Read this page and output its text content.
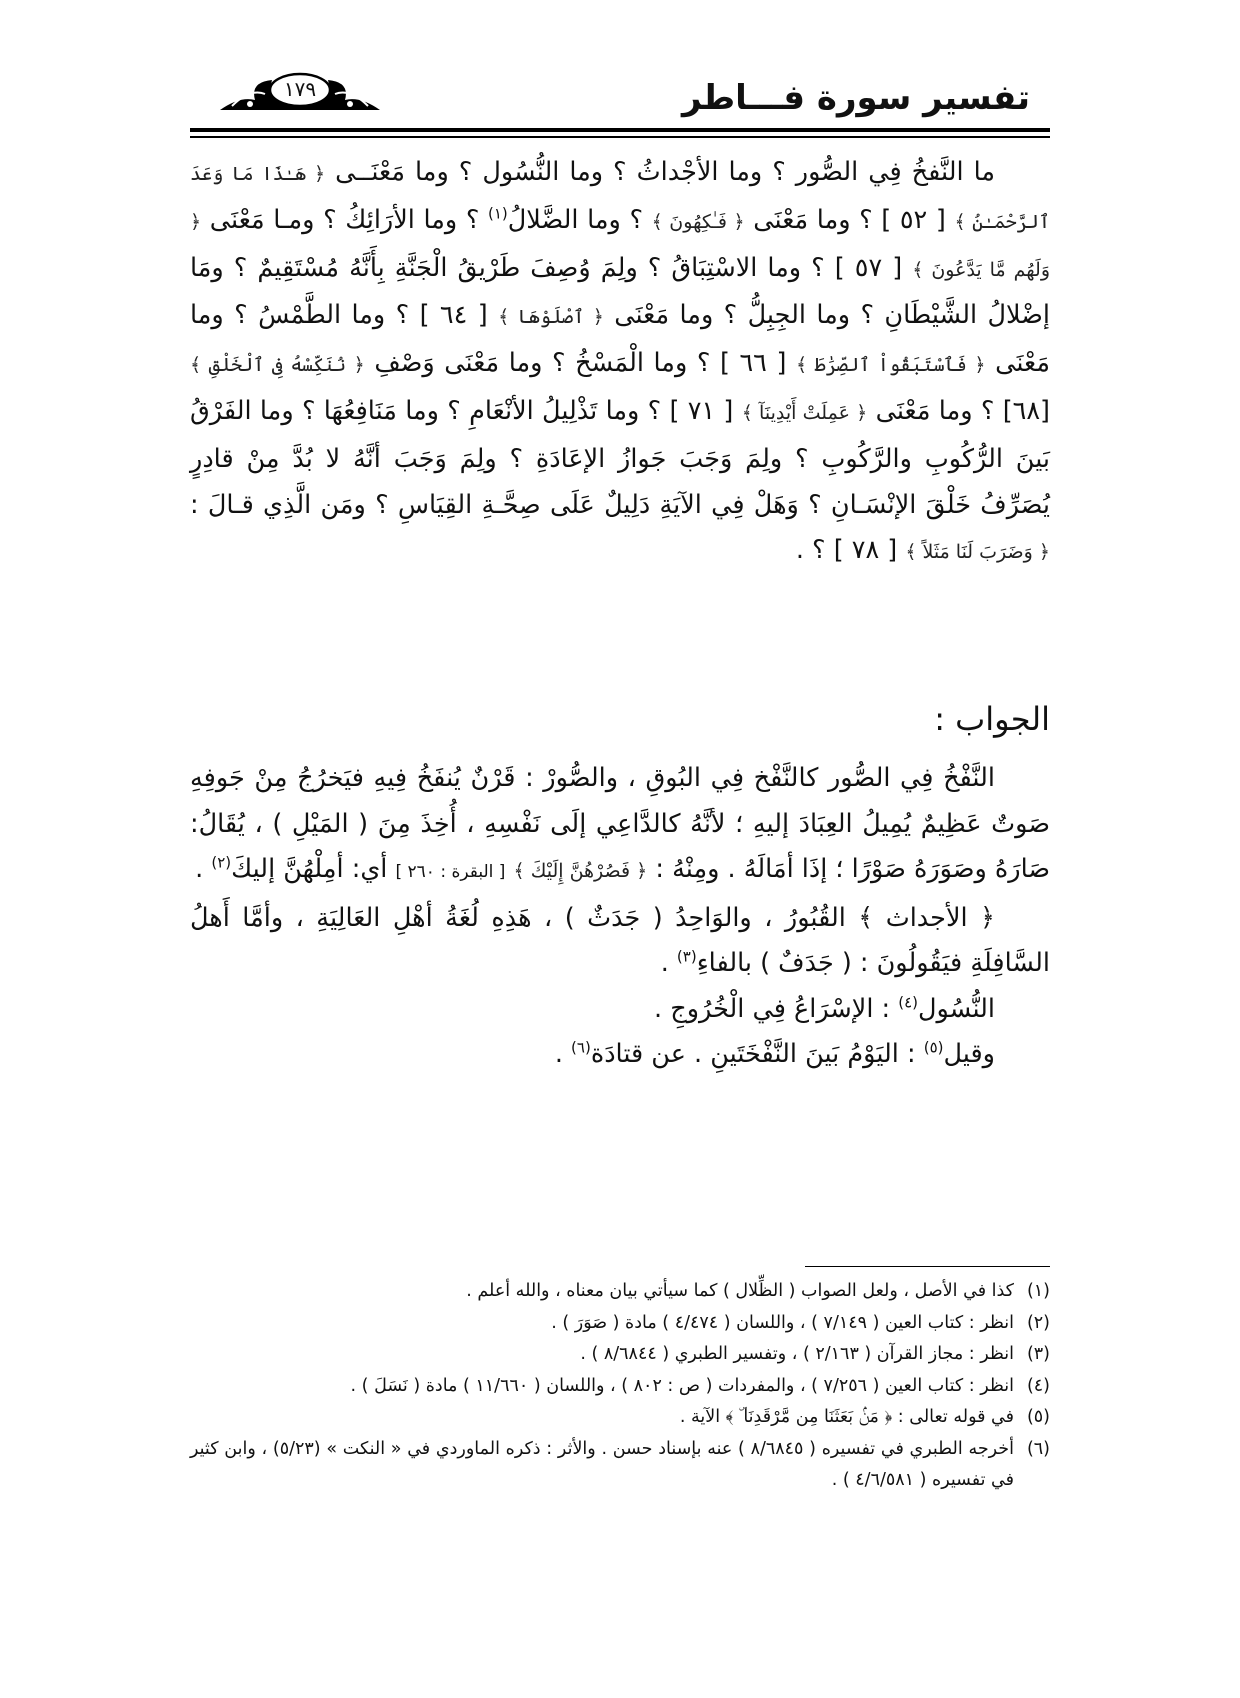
تفسير سورة فـــاطر
١٧٩

ما النَّفخُ فِي الصُّور ؟ وما الأجْداثُ ؟ وما النُّسُول ؟ وما مَعْنَــى ﴿ هَـٰذَا مَا وَعَدَ ٱلرَّحْمَـٰنُ ﴾ [ ٥٢ ] ؟ وما مَعْنَى ﴿ فَـٰكِهُونَ ﴾ ؟ وما الضَّلالُ$^{(١)}$ ؟ وما الأرَائِكُ ؟ ومـا مَعْنَى ﴿ وَلَهُم مَّا يَدَّعُونَ ﴾ [ ٥٧ ] ؟ وما الاسْتِبَاقُ ؟ ولِمَ وُصِفَ طَرْيقُ الْجَنَّةِ بِأَنَّهُ مُسْتَقِيمٌ ؟ ومَا إضْلالُ الشَّيْطَانِ ؟ وما الجِبِلُّ ؟ وما مَعْنَى ﴿ ٱصْلَوْهَا ﴾ [ ٦٤ ] ؟ وما الطَّمْسُ ؟ وما مَعْنَى ﴿ فَٱسْتَبَقُواْ ٱلصِّرَٰطَ ﴾ [ ٦٦ ] ؟ وما الْمَسْخُ ؟ وما مَعْنَى وَصْفِ ﴿ نُنَكِّسْهُ فِى ٱلْخَلْقِ ﴾ [٦٨] ؟ وما مَعْنَى ﴿ عَمِلَتْ أَيْدِينَآ ﴾ [ ٧١ ] ؟ وما تَذْلِيلُ الأنْعَامِ ؟ وما مَنَافِعُهَا ؟ وما الفَرْقُ بَينَ الرُّكُوبِ والرَّكُوبِ ؟ ولِمَ وَجَبَ جَوازُ الإعَادَةِ ؟ ولِمَ وَجَبَ أنَّهُ لا بُدَّ مِنْ قادِرٍ يُصَرِّفُ خَلْقَ الإنْسَـانِ ؟ وَهَلْ فِي الآيَةِ دَلِيلٌ عَلَى صِحَّـةِ القِيَاسِ ؟ ومَن الَّذِي قـالَ : ﴿ وَضَرَبَ لَنَا مَثَلاً ﴾ [ ٧٨ ] ؟ .

الجواب :

النَّفْخُ فِي الصُّور كالنَّفْخ فِي البُوقِ ، والصُّورْ : قَرْنٌ يُنفَخُ فِيهِ فيَخرُجُ مِنْ جَوفِهِ صَوتٌ عَظِيمٌ يُمِيلُ العِبَادَ إليهِ ؛ لأنَّهُ كالدَّاعِي إلَى نَفْسِهِ ، أُخِذَ مِنَ ( المَيْلِ ) ، يُقَالُ: صَارَهُ وصَوَرَهُ صَوْرًا ؛ إذَا أمَالَهُ . ومِنْهُ : ﴿ فَصُرْهُنَّ إِلَيْكَ ﴾ [ البقرة : ٢٦٠ ] أي: أمِلْهُنَّ إليكَ$^{(٢)}$ .

﴿ الأجداث ﴾ القُبُورُ ، والوَاحِدُ ( جَدَثٌ ) ، هَذِهِ لُغَةُ أهْلِ العَالِيَةِ ، وأمَّا أَهلُ السَّافِلَةِ فيَقُولُونَ : ( جَدَفٌ ) بالفاءِ$^{(٣)}$ .

النُّسُول$^{(٤)}$ : الإسْرَاعُ فِي الْخُرُوجِ .

وقيل$^{(٥)}$ : اليَوْمُ بَينَ النَّفْخَتَينِ . عن قتادَة$^{(٦)}$ .

(١)
كذا في الأصل ، ولعل الصواب ( الظِّلال ) كما سيأتي بيان معناه ، والله أعلم .

(٢)
انظر : كتاب العين ( ٧/١٤٩ ) ، واللسان ( ٤/٤٧٤ ) مادة ( صَوَرَ ) .

(٣)
انظر : مجاز القرآن ( ٢/١٦٣ ) ، وتفسير الطبري ( ٨/٦٨٤٤ ) .

(٤)
انظر : كتاب العين ( ٧/٢٥٦ ) ، والمفردات ( ص : ٨٠٢ ) ، واللسان ( ١١/٦٦٠ ) مادة ( نَسَلَ ) .

(٥)
في قوله تعالى : ﴿ مَنۢ بَعَثَنَا مِن مَّرْقَدِنَا ۜ ﴾ الآية .

(٦)
أخرجه الطبري في تفسيره ( ٨/٦٨٤٥ ) عنه بإسناد حسن . والأثر : ذكره الماوردي في « النكت » (٥/٢٣) ، وابن كثير في تفسيره ( ٤/٦/٥٨١ ) .
